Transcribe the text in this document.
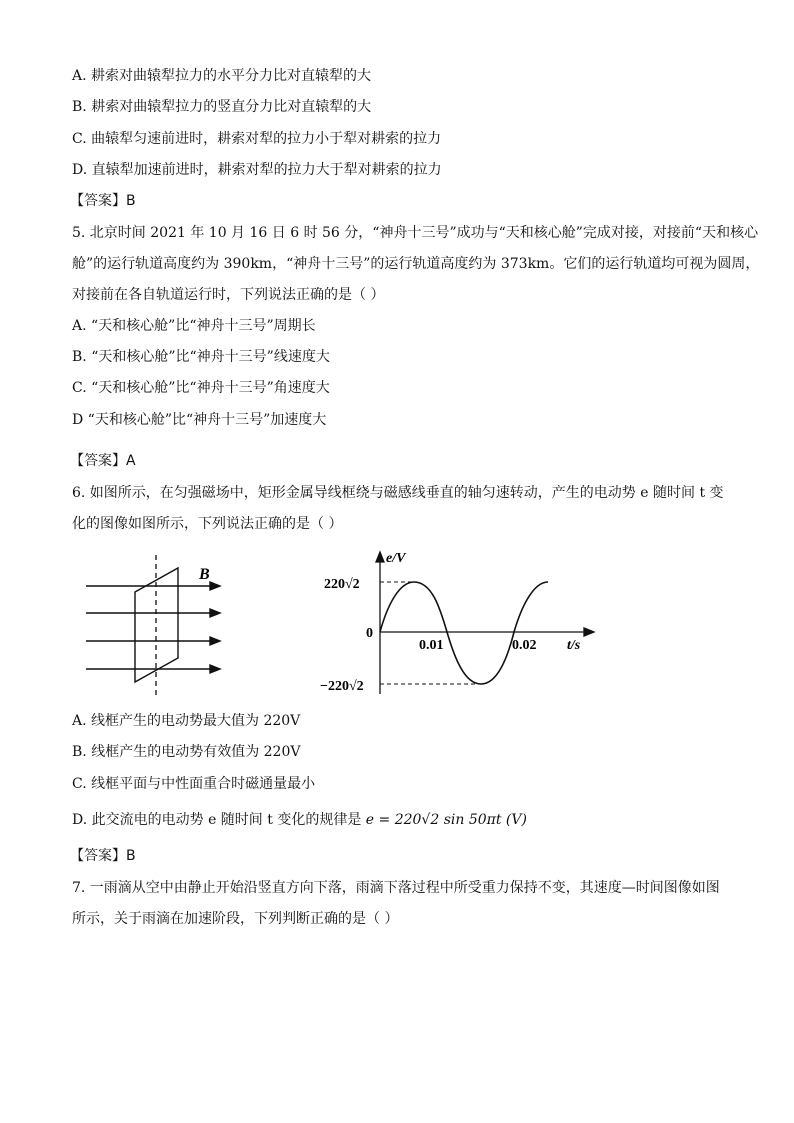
A. 耕索对曲辕犁拉力的水平分力比对直辕犁的大
B. 耕索对曲辕犁拉力的竖直分力比对直辕犁的大
C. 曲辕犁匀速前进时，耕索对犁的拉力小于犁对耕索的拉力
D. 直辕犁加速前进时，耕索对犁的拉力大于犁对耕索的拉力
【答案】B
5. 北京时间 2021 年 10 月 16 日 6 时 56 分，“神舟十三号”成功与“天和核心舱”完成对接，对接前“天和核心
舱”的运行轨道高度约为 390km，“神舟十三号”的运行轨道高度约为 373km。它们的运行轨道均可视为圆周，
对接前在各自轨道运行时，下列说法正确的是（ ）
A. “天和核心舱”比“神舟十三号”周期长
B. “天和核心舱”比“神舟十三号”线速度大
C. “天和核心舱”比“神舟十三号”角速度大
D “天和核心舱”比“神舟十三号”加速度大
【答案】A
6. 如图所示，在匀强磁场中，矩形金属导线框绕与磁感线垂直的轴匀速转动，产生的电动势 e 随时间 t 变
化的图像如图所示，下列说法正确的是（ ）
B
e/V
t/s
0
220√2
−220√2
0.01	0.02
A. 线框产生的电动势最大值为 220V
B. 线框产生的电动势有效值为 220V
C. 线框平面与中性面重合时磁通量最小
D. 此交流电的电动势 e 随时间 t 变化的规律是 e = 220√2 sin 50πt (V)
【答案】B
7. 一雨滴从空中由静止开始沿竖直方向下落，雨滴下落过程中所受重力保持不变，其速度—时间图像如图
所示，关于雨滴在加速阶段，下列判断正确的是（ ）
